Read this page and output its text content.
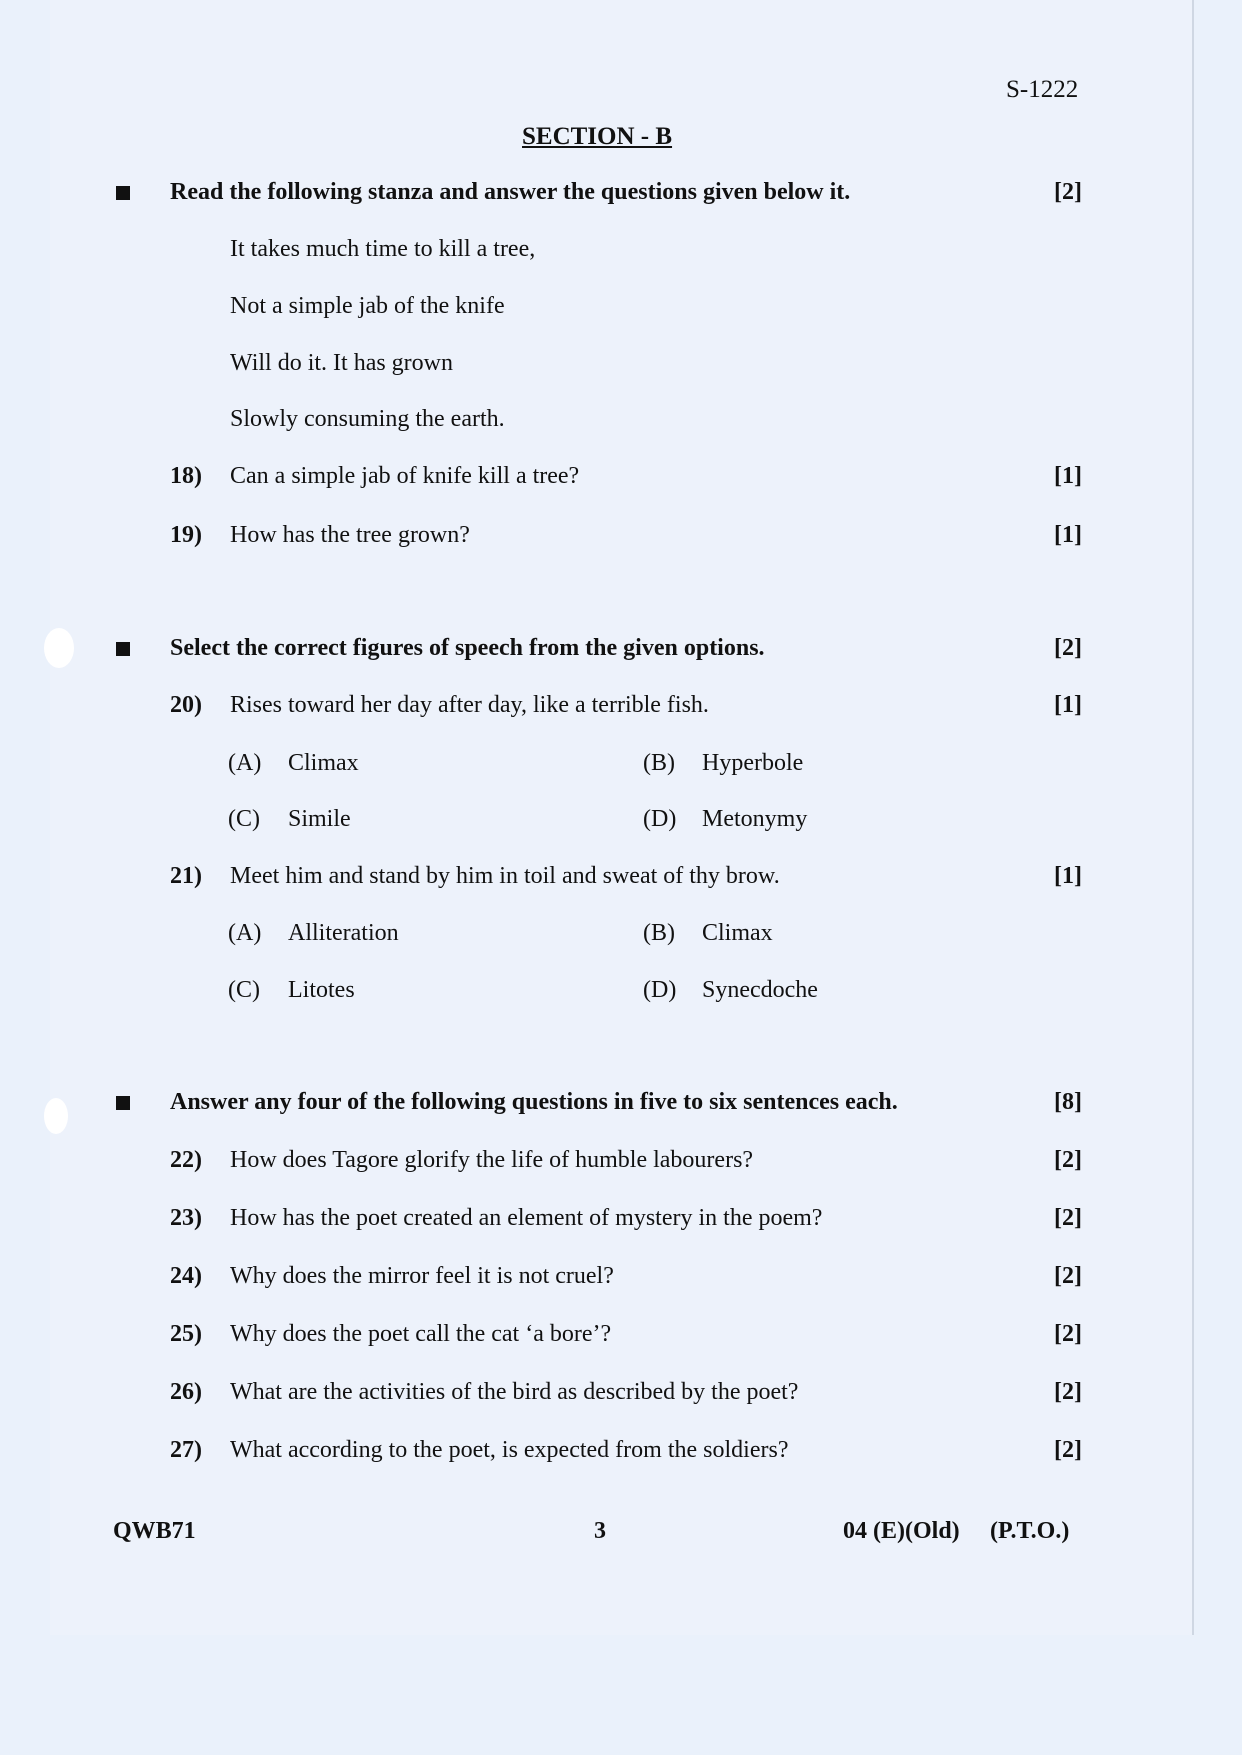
S-1222
SECTION - B
Read the following stanza and answer the questions given below it.	[2]
It takes much time to kill a tree,
Not a simple jab of the knife
Will do it. It has grown
Slowly consuming the earth.
18) Can a simple jab of knife kill a tree?	[1]
19) How has the tree grown?	[1]
Select the correct figures of speech from the given options.	[2]
20) Rises toward her day after day, like a terrible fish.	[1]
(A) Climax	(B) Hyperbole
(C) Simile	(D) Metonymy
21) Meet him and stand by him in toil and sweat of thy brow.	[1]
(A) Alliteration	(B) Climax
(C) Litotes	(D) Synecdoche
Answer any four of the following questions in five to six sentences each.	[8]
22) How does Tagore glorify the life of humble labourers?	[2]
23) How has the poet created an element of mystery in the poem?	[2]
24) Why does the mirror feel it is not cruel?	[2]
25) Why does the poet call the cat ‘a bore’?	[2]
26) What are the activities of the bird as described by the poet?	[2]
27) What according to the poet, is expected from the soldiers?	[2]
QWB71	3	04 (E)(Old) (P.T.O.)
